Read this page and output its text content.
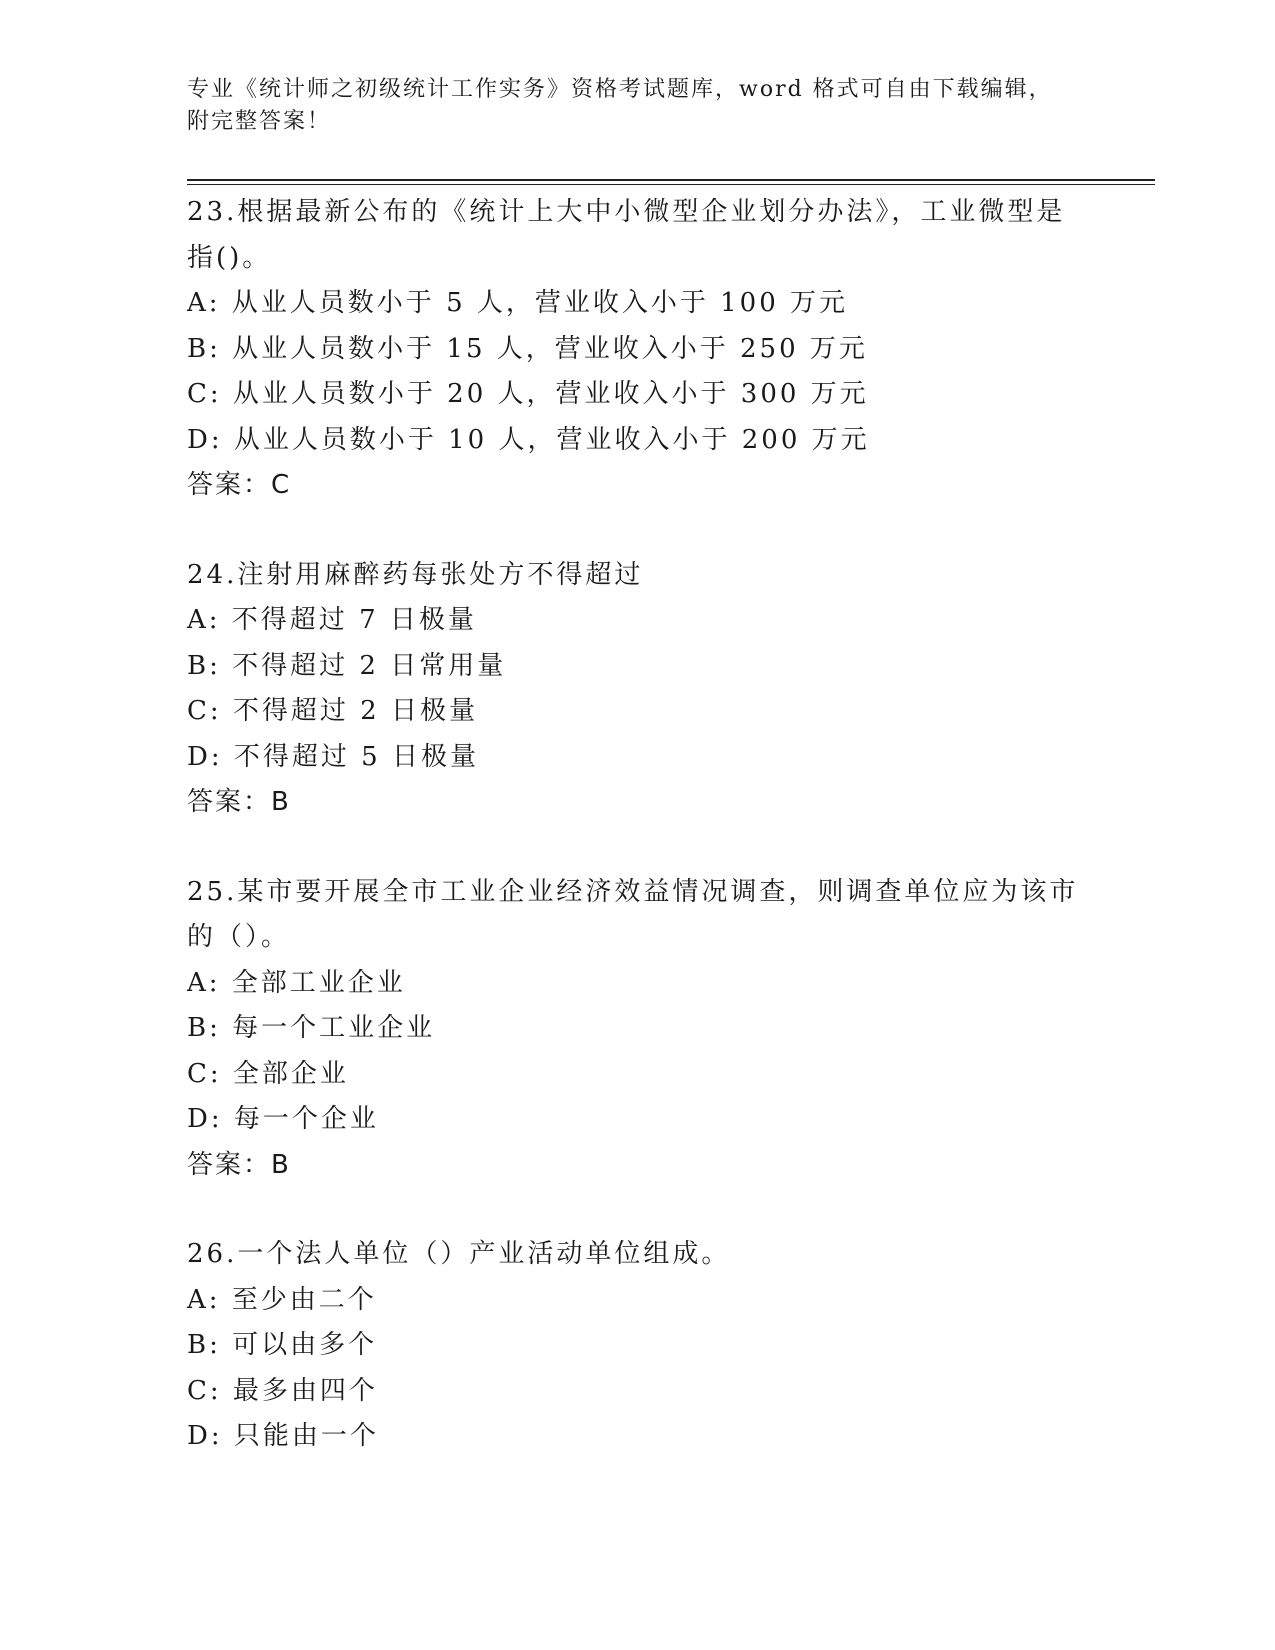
专业《统计师之初级统计工作实务》资格考试题库，word 格式可自由下载编辑，
附完整答案！
23.根据最新公布的《统计上大中小微型企业划分办法》，工业微型是
指()。
A: 从业人员数小于 5 人，营业收入小于 100 万元
B: 从业人员数小于 15 人，营业收入小于 250 万元
C: 从业人员数小于 20 人，营业收入小于 300 万元
D: 从业人员数小于 10 人，营业收入小于 200 万元
答案：C
24.注射用麻醉药每张处方不得超过
A: 不得超过 7 日极量
B: 不得超过 2 日常用量
C: 不得超过 2 日极量
D: 不得超过 5 日极量
答案：B
25.某市要开展全市工业企业经济效益情况调查，则调查单位应为该市
的（）。
A: 全部工业企业
B: 每一个工业企业
C: 全部企业
D: 每一个企业
答案：B
26.一个法人单位（）产业活动单位组成。
A: 至少由二个
B: 可以由多个
C: 最多由四个
D: 只能由一个
